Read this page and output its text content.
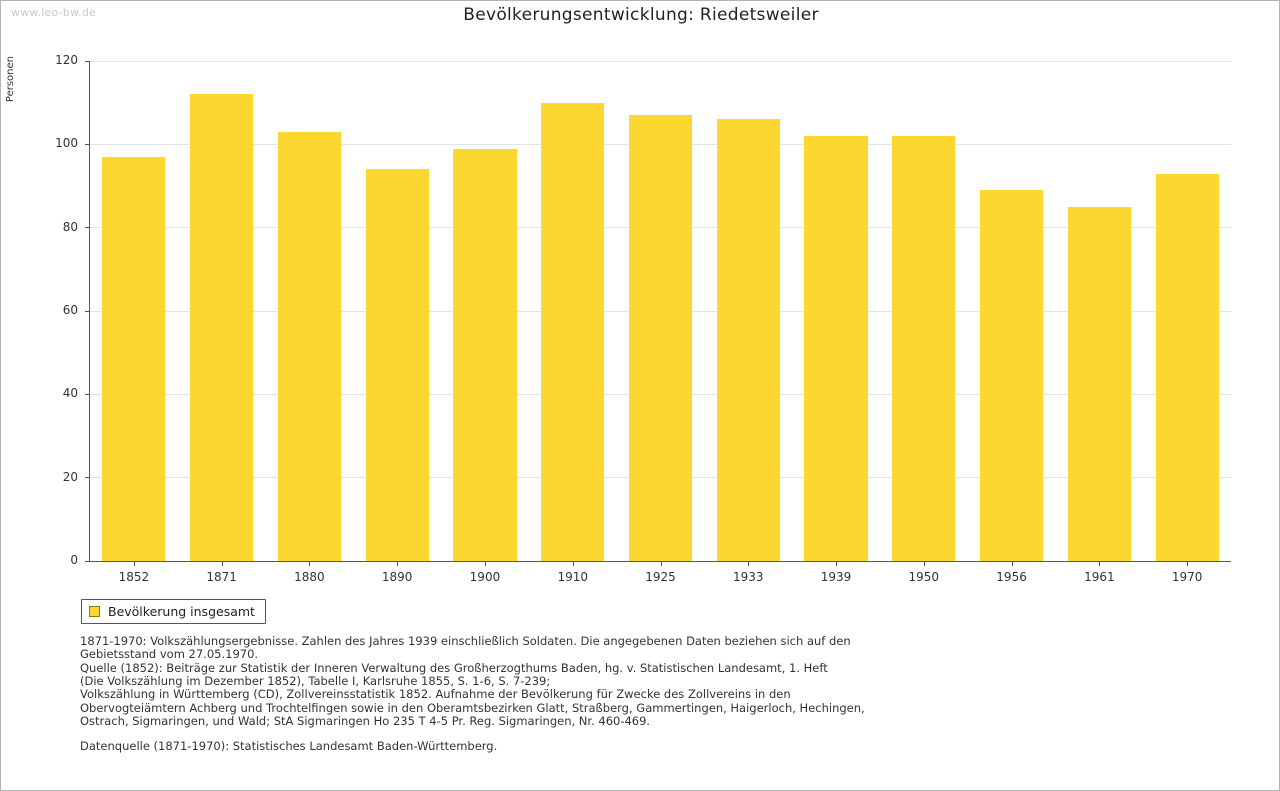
www.leo-bw.de	Bevölkerungsentwicklung: Riedetsweiler
Personen
0
20
40
60
80
100
120
1852	1871	1880	1890	1900	1910	1925	1933	1939	1950	1956	1961	1970
Bevölkerung insgesamt
1871-1970: Volkszählungsergebnisse. Zahlen des Jahres 1939 einschließlich Soldaten. Die angegebenen Daten beziehen sich auf den
Gebietsstand vom 27.05.1970.
Quelle (1852): Beiträge zur Statistik der Inneren Verwaltung des Großherzogthums Baden, hg. v. Statistischen Landesamt, 1. Heft
(Die Volkszählung im Dezember 1852), Tabelle I, Karlsruhe 1855, S. 1-6, S. 7-239;
Volkszählung in Württemberg (CD), Zollvereinsstatistik 1852. Aufnahme der Bevölkerung für Zwecke des Zollvereins in den
Obervogteiämtern Achberg und Trochtelfingen sowie in den Oberamtsbezirken Glatt, Straßberg, Gammertingen, Haigerloch, Hechingen,
Ostrach, Sigmaringen, und Wald; StA Sigmaringen Ho 235 T 4-5 Pr. Reg. Sigmaringen, Nr. 460-469.
Datenquelle (1871-1970): Statistisches Landesamt Baden-Württemberg.
